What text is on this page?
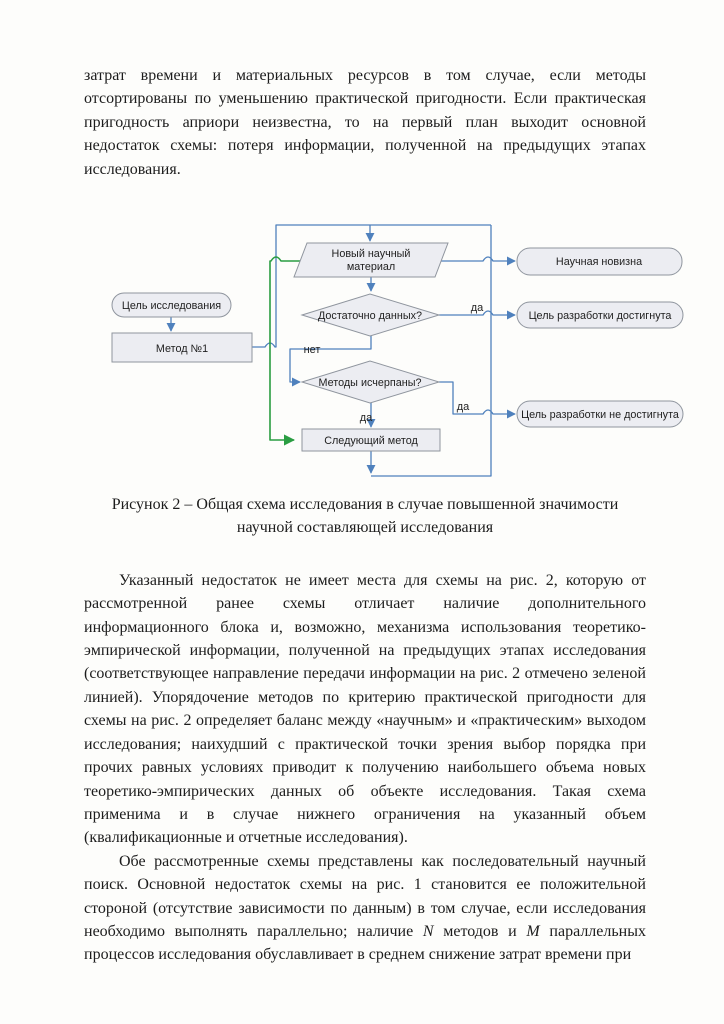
затрат времени и материальных ресурсов в том случае, если методы отсортированы по уменьшению практической пригодности. Если практическая пригодность априори неизвестна, то на первый план выходит основной недостаток схемы: потеря информации, полученной на предыдущих этапах исследования.

Цель исследования
Метод №1
Новый научный
материал
Достаточно данных?
Методы исчерпаны?
Следующий метод
Научная новизна
Цель разработки достигнута
Цель разработки не достигнута
нет
да
да
да
Рисунок 2 – Общая схема исследования в случае повышенной значимости
научной составляющей исследования

Указанный недостаток не имеет места для схемы на рис. 2, которую от рассмотренной ранее схемы отличает наличие дополнительного информационного блока и, возможно, механизма использования теоретико-эмпирической информации, полученной на предыдущих этапах исследования (соответствующее направление передачи информации на рис. 2 отмечено зеленой линией). Упорядочение методов по критерию практической пригодности для схемы на рис. 2 определяет баланс между «научным» и «практическим» выходом исследования; наихудший с практической точки зрения выбор порядка при прочих равных условиях приводит к получению наибольшего объема новых теоретико-эмпирических данных об объекте исследования. Такая схема применима и в случае нижнего ограничения на указанный объем (квалификационные и отчетные исследования).

Обе рассмотренные схемы представлены как последовательный научный поиск. Основной недостаток схемы на рис. 1 становится ее положительной стороной (отсутствие зависимости по данным) в том случае, если исследования необходимо выполнять параллельно; наличие N методов и M параллельных процессов исследования обуславливает в среднем снижение затрат времени при
